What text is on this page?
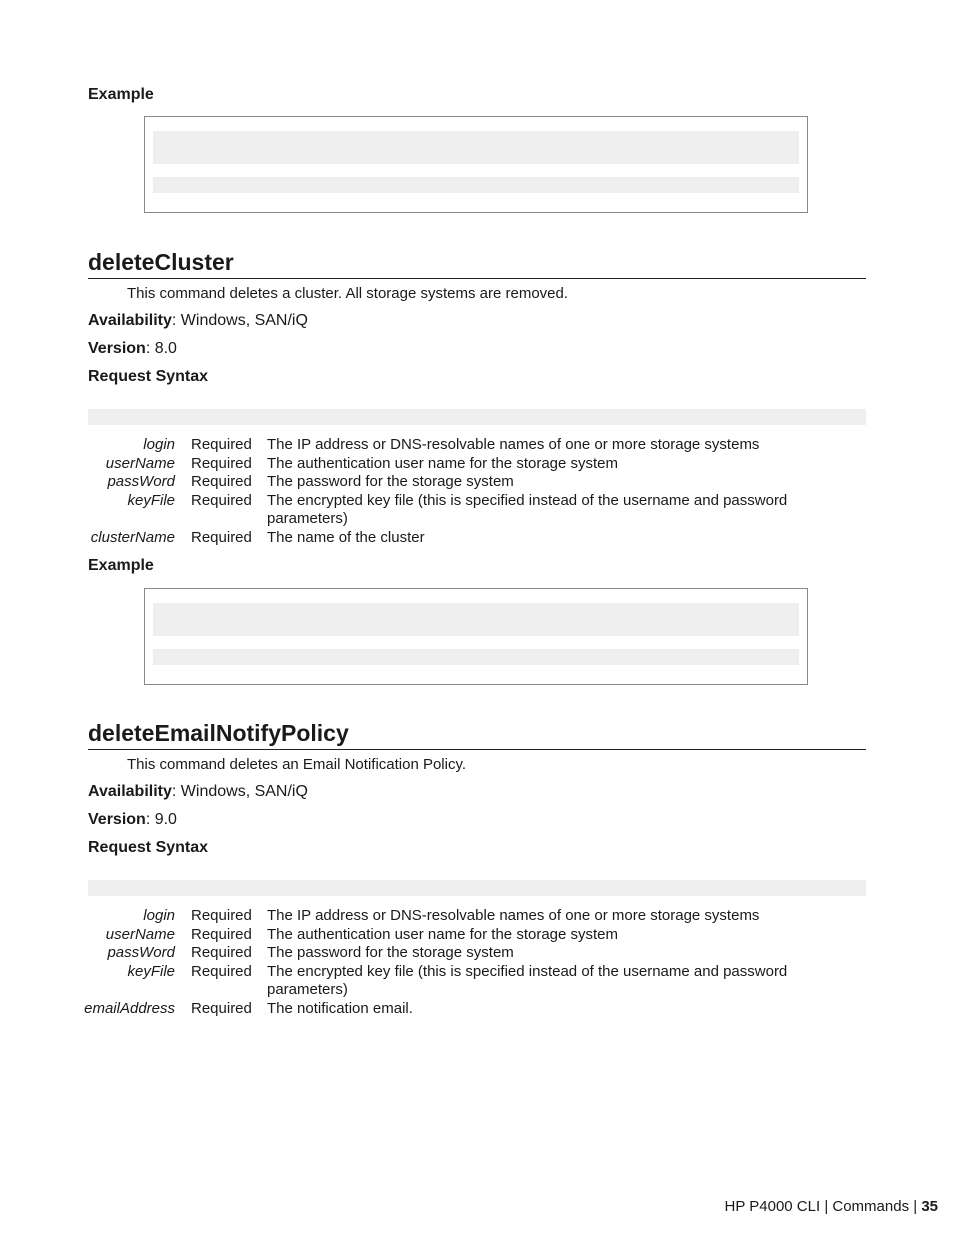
Example
deleteCluster
This command deletes a cluster. All storage systems are removed.
Availability: Windows, SAN/iQ
Version: 8.0
Request Syntax
login	Required	The IP address or DNS-resolvable names of one or more storage systems
userName	Required	The authentication user name for the storage system
passWord	Required	The password for the storage system
keyFile	Required	The encrypted key file (this is specified instead of the username and password parameters)
clusterName	Required	The name of the cluster
Example
deleteEmailNotifyPolicy
This command deletes an Email Notification Policy.
Availability: Windows, SAN/iQ
Version: 9.0
Request Syntax
login	Required	The IP address or DNS-resolvable names of one or more storage systems
userName	Required	The authentication user name for the storage system
passWord	Required	The password for the storage system
keyFile	Required	The encrypted key file (this is specified instead of the username and password parameters)
emailAddress	Required	The notification email.
HP P4000 CLI | Commands | 35
